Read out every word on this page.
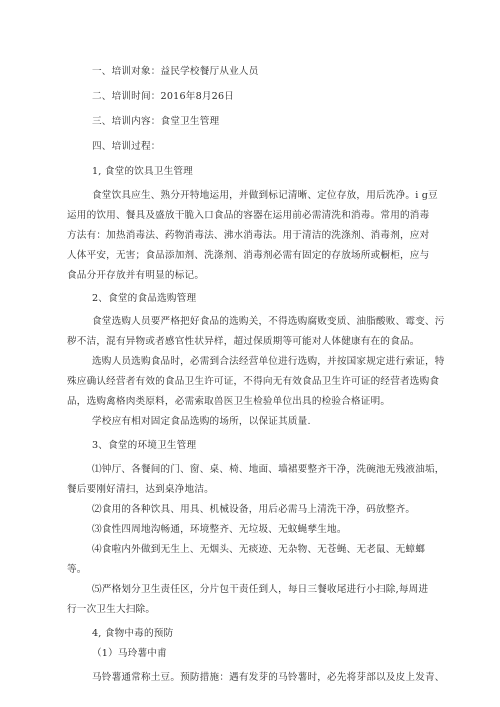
一、培训对象：益民学校餐厅从业人员
二、培训时间：2016年8月26日
三、培训内容：食堂卫生管理
四、培训过程：
1, 食堂的饮具卫生管理
食堂饮具应生、熟分开特地运用，并做到标记清晰、定位存放，用后洗净。i g豆
运用的饮用、餐具及盛放干脆入口食品的容器在运用前必需清洗和消毒。常用的消毒
方法有：加热消毒法、药物消毒法、沸水消毒法。用于清洁的洗涤剂、消毒剂，应对
人体平安，无害；食品添加剂、洗涤剂、消毒剂必需有固定的存放场所或橱柜，应与
食品分开存放并有明显的标记。
2、食堂的食品选购管理
食堂选购人员要严格把好食品的选购关，不得选购腐败变质、油脂酸败、霉变、污
秽不洁，混有异物或者感官性状异样，超过保质期等可能对人体健康有在的食品。
选购人员选购食品时，必需到合法经营单位进行选购，并按国家规定进行索证，特
殊应确认经营者有效的食品卫生许可证，不得向无有效食品卫生许可证的经营者选购食
品，选购禽格肉类原料，必需索取兽医卫生检验单位出具的检验合格证明。
学校应有相对固定食品选购的场所，以保证其质量.
3、食堂的环境卫生管理
⑴钟厅、各餐间的门、窗、桌、椅、地面、墙裙要整齐干净，洗碗池无残液油垢，
餐后要刚好清扫，达到桌净地洁。
⑵食用的各种饮具、用具、机械设备，用后必需马上清洗干净，码放整齐。
⑶食性四周地沟畅通，环境整齐、无垃圾、无蚊蝇孳生地。
⑷食啦内外做到无生上、无烟头、无痰迹、无杂物、无苍蝇、无老鼠、无蟑螂
等。
⑸严格划分卫生责任区，分片包干责任到人，每日三餐收尾进行小扫除,每周进
行一次卫生大扫除。
4, 食物中毒的预防
（1）马玲薯中甫
马铃薯通常称土豆。预防措施：遇有发芽的马铃薯时，必先将芽部以及皮上发青、
